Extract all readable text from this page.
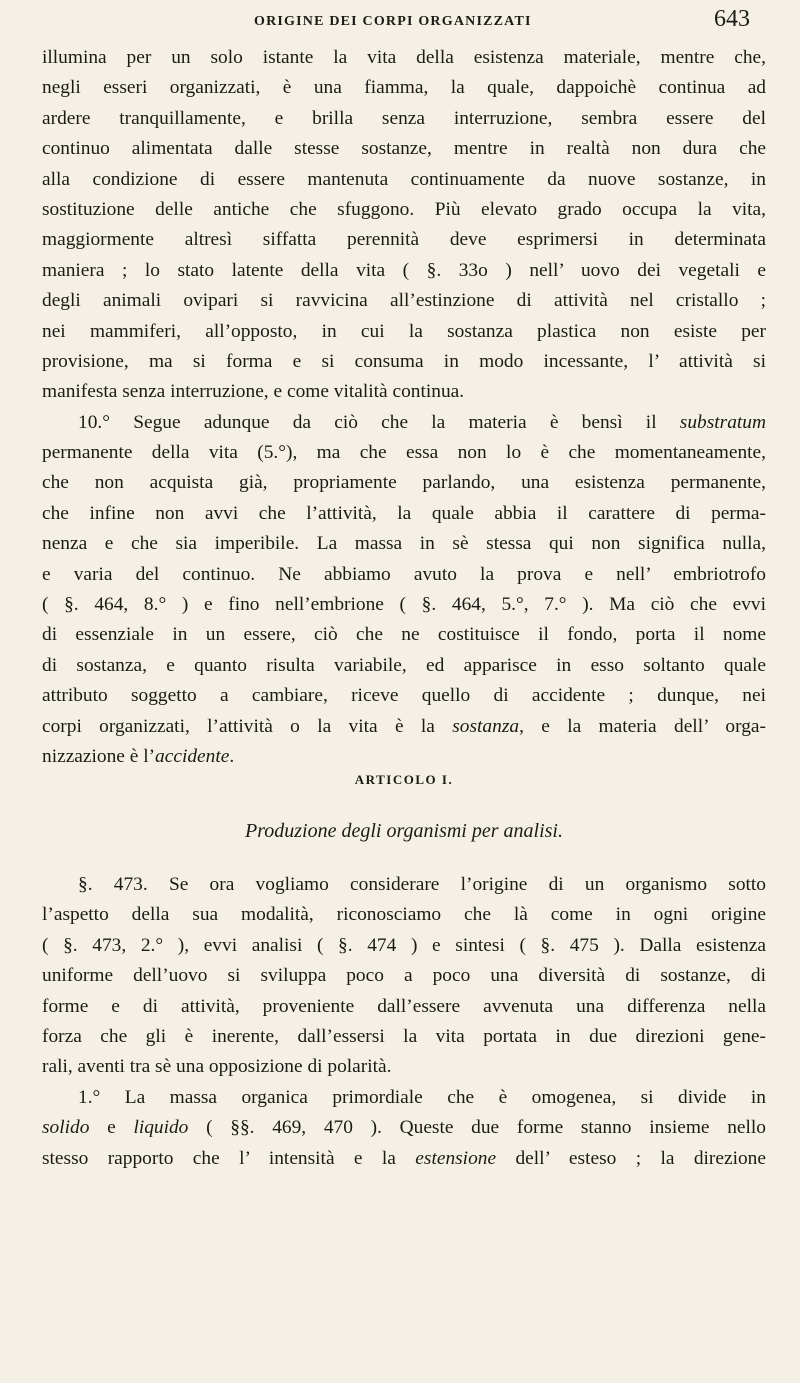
ORIGINE DEI CORPI ORGANIZZATI	643
illumina per un solo istante la vita della esistenza materiale, mentre che,
negli esseri organizzati, è una fiamma, la quale, dappoichè continua ad
ardere tranquillamente, e brilla senza interruzione, sembra essere del
continuo alimentata dalle stesse sostanze, mentre in realtà non dura che
alla condizione di essere mantenuta continuamente da nuove sostanze, in
sostituzione delle antiche che sfuggono. Più elevato grado occupa la vita,
maggiormente altresì siffatta perennità deve esprimersi in determinata
maniera ; lo stato latente della vita ( §. 33o ) nell’ uovo dei vegetali e
degli animali ovipari si ravvicina all’estinzione di attività nel cristallo ;
nei mammiferi, all’opposto, in cui la sostanza plastica non esiste per
provisione, ma si forma e si consuma in modo incessante, l’ attività si
manifesta senza interruzione, e come vitalità continua.
10.° Segue adunque da ciò che la materia è bensì il substratum
permanente della vita (5.°), ma che essa non lo è che momentaneamente,
che non acquista già, propriamente parlando, una esistenza permanente,
che infine non avvi che l’attività, la quale abbia il carattere di perma-
nenza e che sia imperibile. La massa in sè stessa qui non significa nulla,
e varia del continuo. Ne abbiamo avuto la prova e nell’ embriotrofo
( §. 464, 8.° ) e fino nell’embrione ( §. 464, 5.°, 7.° ). Ma ciò che evvi
di essenziale in un essere, ciò che ne costituisce il fondo, porta il nome
di sostanza, e quanto risulta variabile, ed apparisce in esso soltanto quale
attributo soggetto a cambiare, riceve quello di accidente ; dunque, nei
corpi organizzati, l’attività o la vita è la sostanza, e la materia dell’ orga-
nizzazione è l’accidente.
ARTICOLO I.
Produzione degli organismi per analisi.
§. 473. Se ora vogliamo considerare l’origine di un organismo sotto
l’aspetto della sua modalità, riconosciamo che là come in ogni origine
( §. 473, 2.° ), evvi analisi ( §. 474 ) e sintesi ( §. 475 ). Dalla esistenza
uniforme dell’uovo si sviluppa poco a poco una diversità di sostanze, di
forme e di attività, proveniente dall’essere avvenuta una differenza nella
forza che gli è inerente, dall’essersi la vita portata in due direzioni gene-
rali, aventi tra sè una opposizione di polarità.
1.° La massa organica primordiale che è omogenea, si divide in
solido e liquido ( §§. 469, 470 ). Queste due forme stanno insieme nello
stesso rapporto che l’ intensità e la estensione dell’ esteso ; la direzione
